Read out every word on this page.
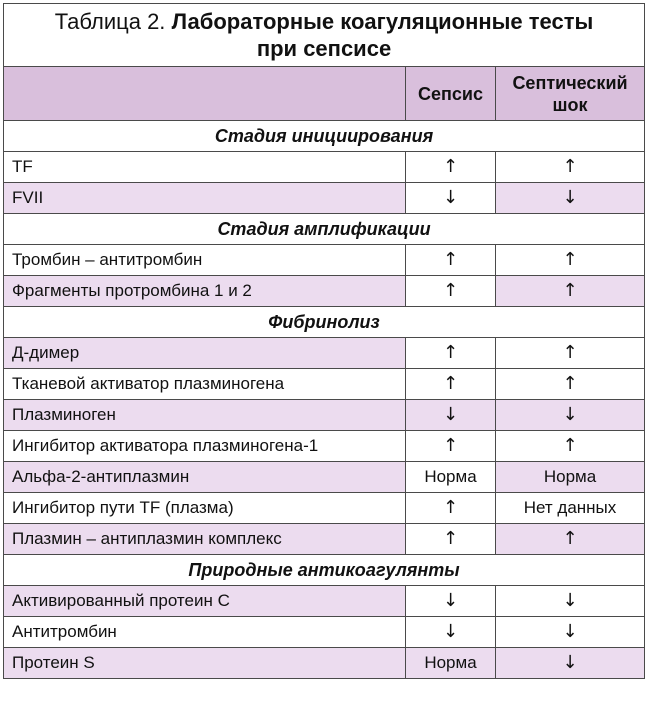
Таблица 2. Лабораторные коагуляционные тесты
при сепсисе		
	Сепсис	Септический
шок
Стадия инициирования		
TF	↑	↑
FVII	↓	↓
Стадия амплификации		
Тромбин – антитромбин	↑	↑
Фрагменты протромбина 1 и 2	↑	↑
Фибринолиз		
Д-димер	↑	↑
Тканевой активатор плазминогена	↑	↑
Плазминоген	↓	↓
Ингибитор активатора плазминогена-1	↑	↑
Альфа-2-антиплазмин	Норма	Норма
Ингибитор пути TF (плазма)	↑	Нет данных
Плазмин – антиплазмин комплекс	↑	↑
Природные антикоагулянты		
Активированный протеин С	↓	↓
Антитромбин	↓	↓
Протеин S	Норма	↓
